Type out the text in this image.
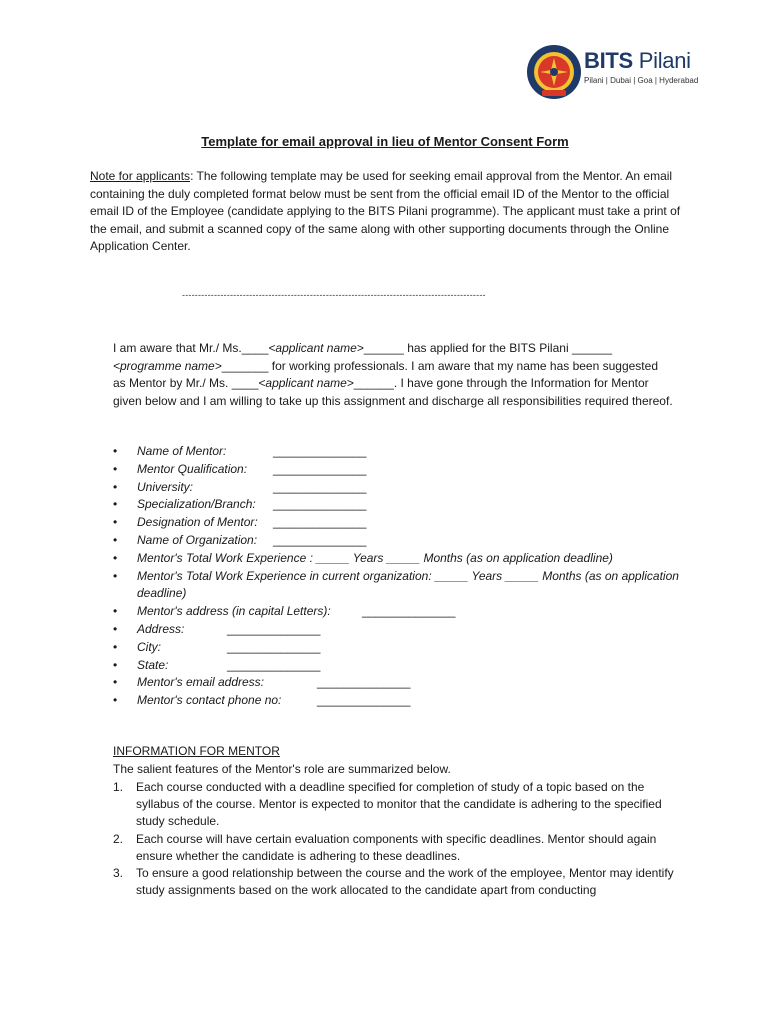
BITS Pilani
Pilani | Dubai | Goa | Hyderabad
Template for email approval in lieu of Mentor Consent Form
Note for applicants: The following template may be used for seeking email approval from the Mentor. An email containing the duly completed format below must be sent from the official email ID of the Mentor to the official email ID of the Employee (candidate applying to the BITS Pilani programme). The applicant must take a print of the email, and submit a scanned copy of the same along with other supporting documents through the Online Application Center.
-----------------------------------------------------------------------------------------------
I am aware that Mr./ Ms.____<applicant name>______ has applied for the BITS Pilani ______ <programme name>_______ for working professionals. I am aware that my name has been suggested as Mentor by Mr./ Ms. ____<applicant name>______. I have gone through the Information for Mentor given below and I am willing to take up this assignment and discharge all responsibilities required thereof.
• Name of Mentor:	______________
• Mentor Qualification: ______________
• University:	______________
• Specialization/Branch: ______________
• Designation of Mentor: ______________
• Name of Organization: ______________
• Mentor's Total Work Experience : _____ Years _____ Months (as on application deadline)
• Mentor's Total Work Experience in current organization: _____ Years _____ Months (as on application deadline)
• Mentor's address (in capital Letters):	______________
• Address:	______________
• City:	______________
• State:	______________
• Mentor's email address:	______________
• Mentor's contact phone no:	______________
INFORMATION FOR MENTOR
The salient features of the Mentor's role are summarized below.
1. Each course conducted with a deadline specified for completion of study of a topic based on the syllabus of the course. Mentor is expected to monitor that the candidate is adhering to the specified study schedule.
2. Each course will have certain evaluation components with specific deadlines. Mentor should again ensure whether the candidate is adhering to these deadlines.
3. To ensure a good relationship between the course and the work of the employee, Mentor may identify study assignments based on the work allocated to the candidate apart from conducting
